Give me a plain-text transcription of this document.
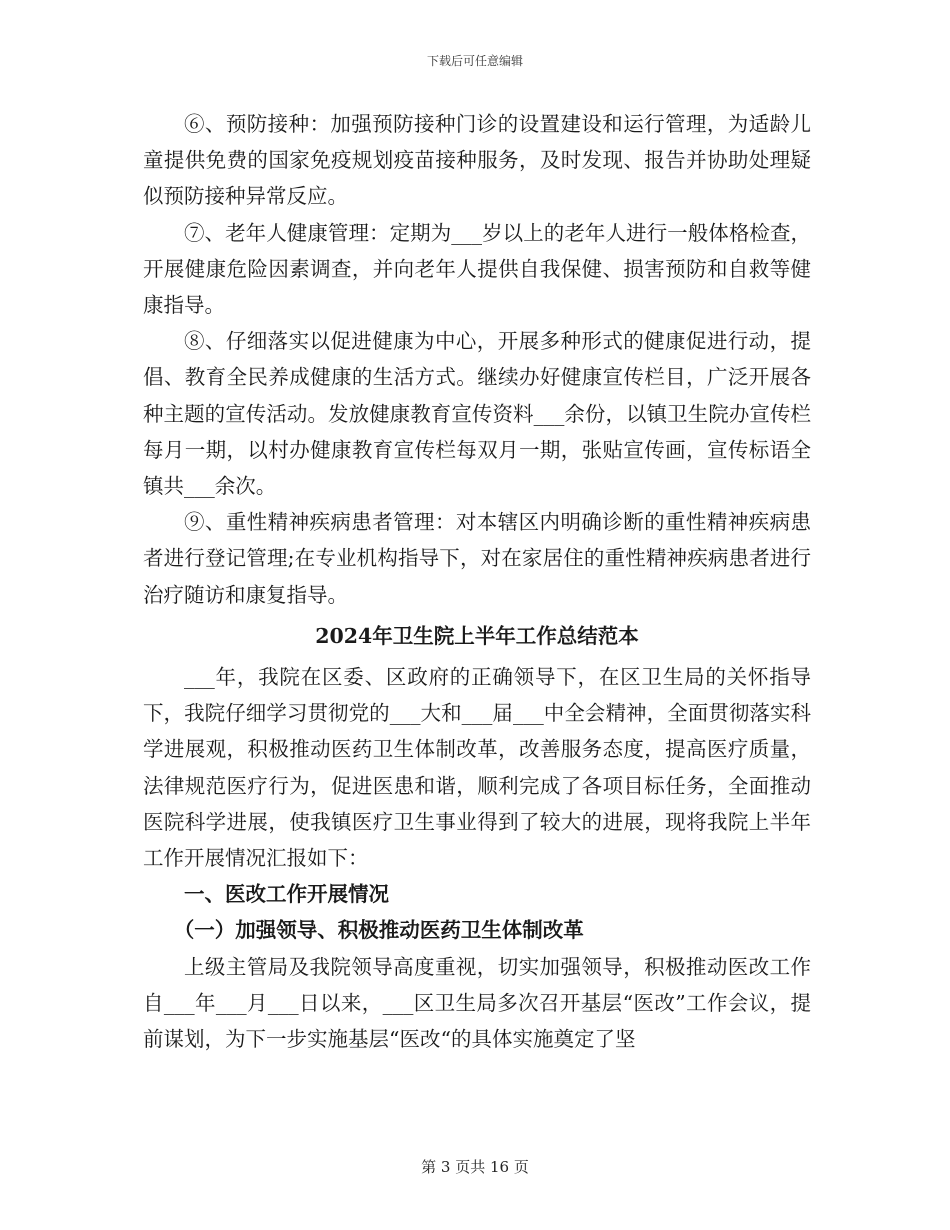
下载后可任意编辑

⑥、预防接种：加强预防接种门诊的设置建设和运行管理，为适龄儿童提供免费的国家免疫规划疫苗接种服务，及时发现、报告并协助处理疑似预防接种异常反应。

⑦、老年人健康管理：定期为___岁以上的老年人进行一般体格检查，开展健康危险因素调查，并向老年人提供自我保健、损害预防和自救等健康指导。

⑧、仔细落实以促进健康为中心，开展多种形式的健康促进行动，提倡、教育全民养成健康的生活方式。继续办好健康宣传栏目，广泛开展各种主题的宣传活动。发放健康教育宣传资料___余份，以镇卫生院办宣传栏每月一期，以村办健康教育宣传栏每双月一期，张贴宣传画，宣传标语全镇共___余次。

⑨、重性精神疾病患者管理：对本辖区内明确诊断的重性精神疾病患者进行登记管理;在专业机构指导下，对在家居住的重性精神疾病患者进行治疗随访和康复指导。

2024年卫生院上半年工作总结范本

___年，我院在区委、区政府的正确领导下，在区卫生局的关怀指导下，我院仔细学习贯彻党的___大和___届___中全会精神，全面贯彻落实科学进展观，积极推动医药卫生体制改革，改善服务态度，提高医疗质量，法律规范医疗行为，促进医患和谐，顺利完成了各项目标任务，全面推动医院科学进展，使我镇医疗卫生事业得到了较大的进展，现将我院上半年工作开展情况汇报如下：

一、医改工作开展情况

（一）加强领导、积极推动医药卫生体制改革

上级主管局及我院领导高度重视，切实加强领导，积极推动医改工作自___年___月___日以来，___区卫生局多次召开基层“医改”工作会议，提前谋划，为下一步实施基层“医改“的具体实施奠定了坚

第 3 页共 16 页
